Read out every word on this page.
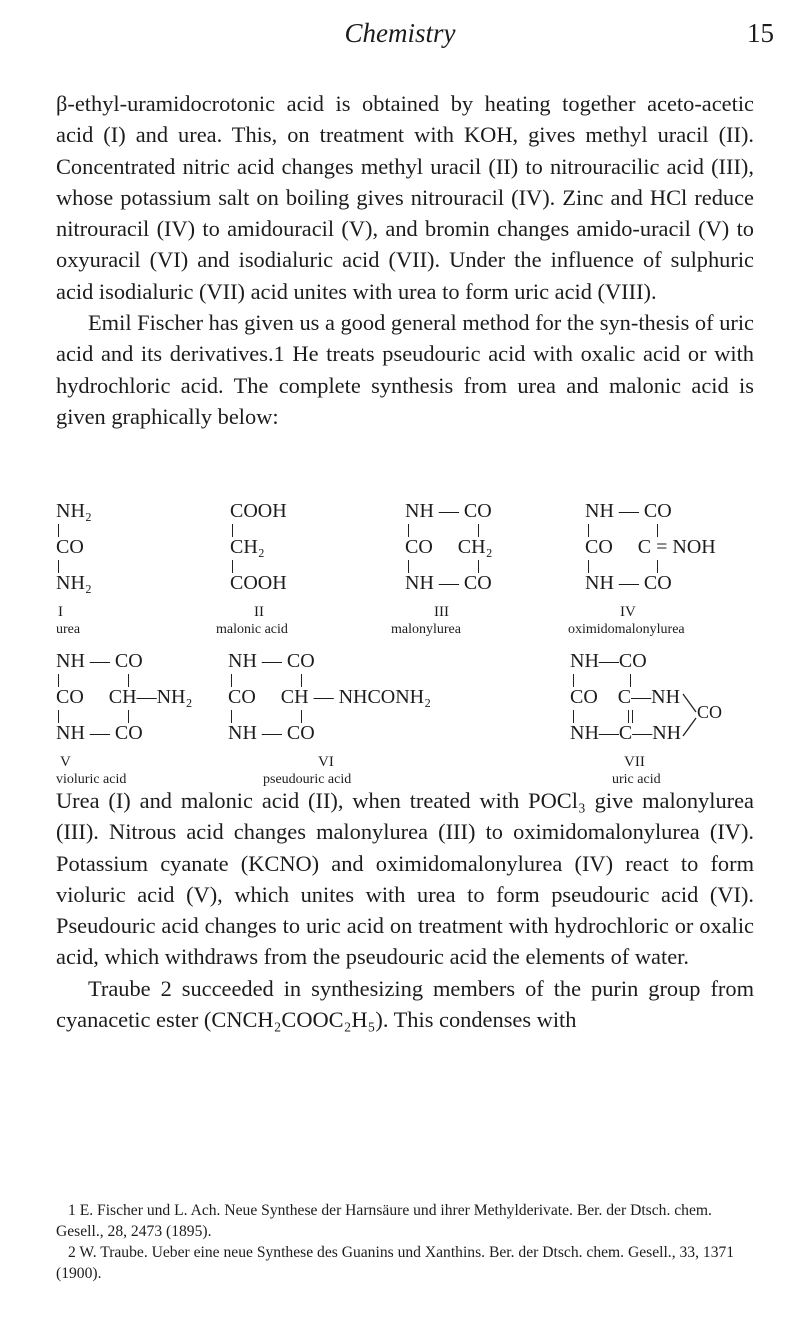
Chemistry	15

β-ethyl-uramidocrotonic acid is obtained by heating together aceto-acetic acid (I) and urea. This, on treatment with KOH, gives methyl uracil (II). Concentrated nitric acid changes methyl uracil (II) to nitrouracilic acid (III), whose potassium salt on boiling gives nitrouracil (IV). Zinc and HCl reduce nitrouracil (IV) to amidouracil (V), and bromin changes amido-uracil (V) to oxyuracil (VI) and isodialuric acid (VII). Under the influence of sulphuric acid isodialuric (VII) acid unites with urea to form uric acid (VIII).

Emil Fischer has given us a good general method for the syn-thesis of uric acid and its derivatives.1 He treats pseudouric acid with oxalic acid or with hydrochloric acid. The complete synthesis from urea and malonic acid is given graphically below:

NH₂
CO
NH₂
I
urea
COOH
CH₂
COOH
II
malonic acid
NH — CO
CO     CH₂
NH — CO
III
malonylurea
NH — CO
CO     C = NOH
NH — CO
IV
oximidomalonylurea
NH — CO
CO     CH—NH₂
NH — CO
V
violuric acid
NH — CO
CO     CH — NHCONH₂
NH — CO
VI
pseudouric acid
NH—CO
CO    C—NH
NH—C—NH
CO
VII
uric acid

Urea (I) and malonic acid (II), when treated with POCl₃ give malonylurea (III). Nitrous acid changes malonylurea (III) to oximidomalonylurea (IV). Potassium cyanate (KCNO) and oximidomalonylurea (IV) react to form violuric acid (V), which unites with urea to form pseudouric acid (VI). Pseudouric acid changes to uric acid on treatment with hydrochloric or oxalic acid, which withdraws from the pseudouric acid the elements of water.

Traube 2 succeeded in synthesizing members of the purin group from cyanacetic ester (CNCH₂COOC₂H₅). This condenses with

1 E. Fischer und L. Ach. Neue Synthese der Harnsäure und ihrer Methylderivate. Ber. der Dtsch. chem. Gesell., 28, 2473 (1895).

2 W. Traube. Ueber eine neue Synthese des Guanins und Xanthins. Ber. der Dtsch. chem. Gesell., 33, 1371 (1900).
